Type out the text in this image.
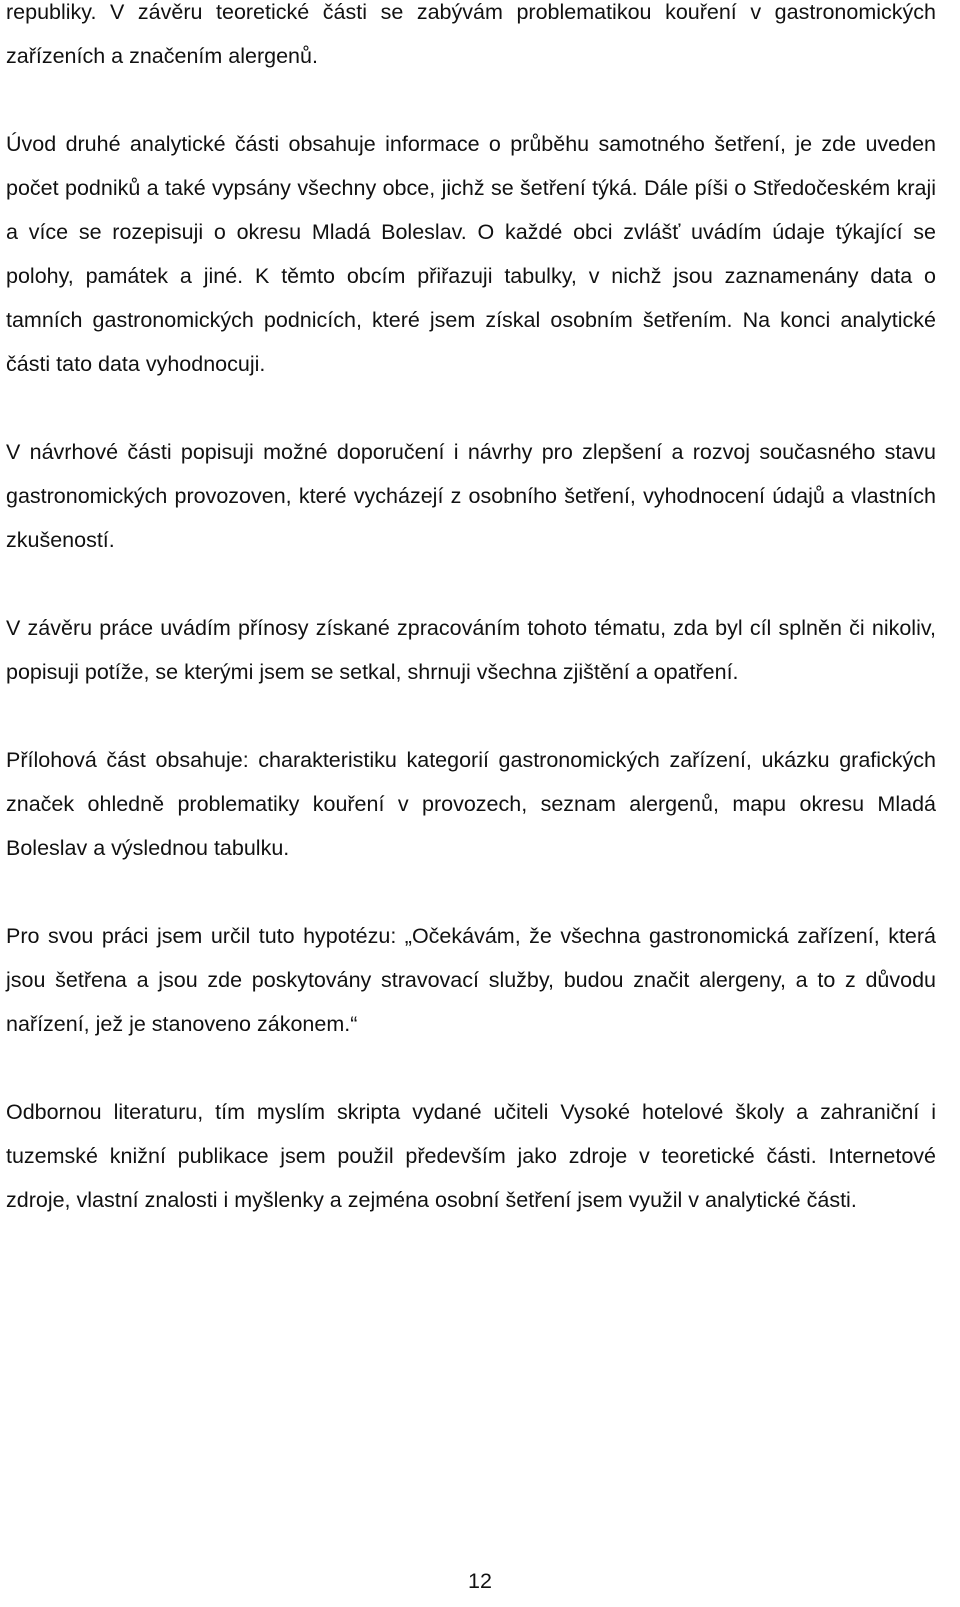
republiky. V závěru teoretické části se zabývám problematikou kouření v gastronomických zařízeních a značením alergenů.

Úvod druhé analytické části obsahuje informace o průběhu samotného šetření, je zde uveden počet podniků a také vypsány všechny obce, jichž se šetření týká. Dále píši o Středočeském kraji a více se rozepisuji o okresu Mladá Boleslav. O každé obci zvlášť uvádím údaje týkající se polohy, památek a jiné. K těmto obcím přiřazuji tabulky, v nichž jsou zaznamenány data o tamních gastronomických podnicích, které jsem získal osobním šetřením. Na konci analytické části tato data vyhodnocuji.

V návrhové části popisuji možné doporučení i návrhy pro zlepšení a rozvoj současného stavu gastronomických provozoven, které vycházejí z osobního šetření, vyhodnocení údajů a vlastních zkušeností.

V závěru práce uvádím přínosy získané zpracováním tohoto tématu, zda byl cíl splněn či nikoliv, popisuji potíže, se kterými jsem se setkal, shrnuji všechna zjištění a opatření.

Přílohová část obsahuje: charakteristiku kategorií gastronomických zařízení, ukázku grafických značek ohledně problematiky kouření v provozech, seznam alergenů, mapu okresu Mladá Boleslav a výslednou tabulku.

Pro svou práci jsem určil tuto hypotézu: „Očekávám, že všechna gastronomická zařízení, která jsou šetřena a jsou zde poskytovány stravovací služby, budou značit alergeny, a to z důvodu nařízení, jež je stanoveno zákonem.“

Odbornou literaturu, tím myslím skripta vydané učiteli Vysoké hotelové školy a zahraniční i tuzemské knižní publikace jsem použil především jako zdroje v teoretické části. Internetové zdroje, vlastní znalosti i myšlenky a zejména osobní šetření jsem využil v analytické části.

12
